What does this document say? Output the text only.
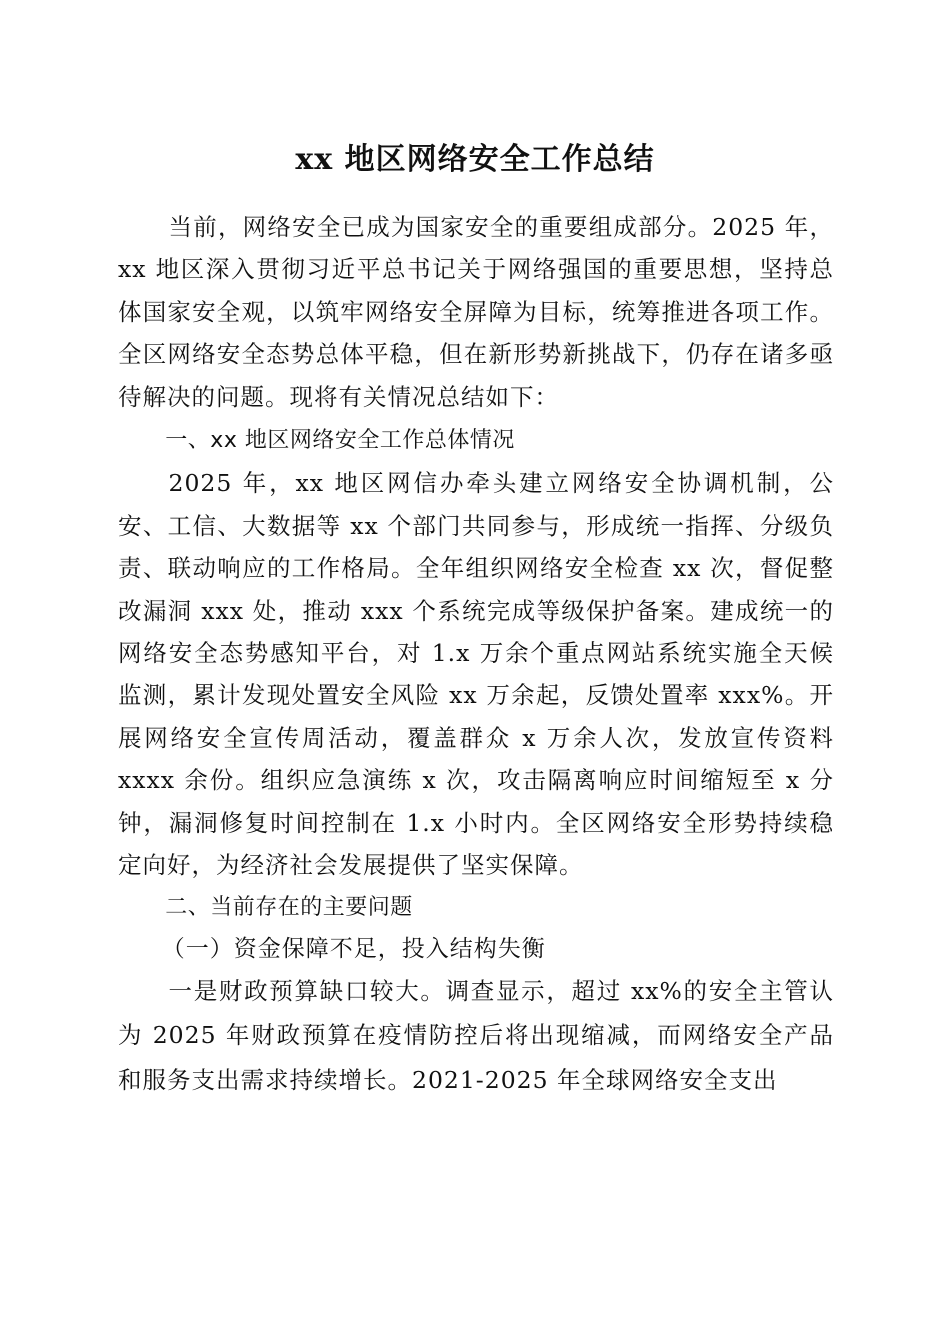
xx 地区网络安全工作总结

当前，网络安全已成为国家安全的重要组成部分。2025 年，xx 地区深入贯彻习近平总书记关于网络强国的重要思想，坚持总体国家安全观，以筑牢网络安全屏障为目标，统筹推进各项工作。全区网络安全态势总体平稳，但在新形势新挑战下，仍存在诸多亟待解决的问题。现将有关情况总结如下：

一、xx 地区网络安全工作总体情况

2025 年，xx 地区网信办牵头建立网络安全协调机制，公安、工信、大数据等 xx 个部门共同参与，形成统一指挥、分级负责、联动响应的工作格局。全年组织网络安全检查 xx 次，督促整改漏洞 xxx 处，推动 xxx 个系统完成等级保护备案。建成统一的网络安全态势感知平台，对 1.x 万余个重点网站系统实施全天候监测，累计发现处置安全风险 xx 万余起，反馈处置率 xxx%。开展网络安全宣传周活动，覆盖群众 x 万余人次，发放宣传资料 xxxx 余份。组织应急演练 x 次，攻击隔离响应时间缩短至 x 分钟，漏洞修复时间控制在 1.x 小时内。全区网络安全形势持续稳定向好，为经济社会发展提供了坚实保障。

二、当前存在的主要问题

（一）资金保障不足，投入结构失衡

一是财政预算缺口较大。调查显示，超过 xx%的安全主管认为 2025 年财政预算在疫情防控后将出现缩减，而网络安全产品和服务支出需求持续增长。2021-2025 年全球网络安全支出
